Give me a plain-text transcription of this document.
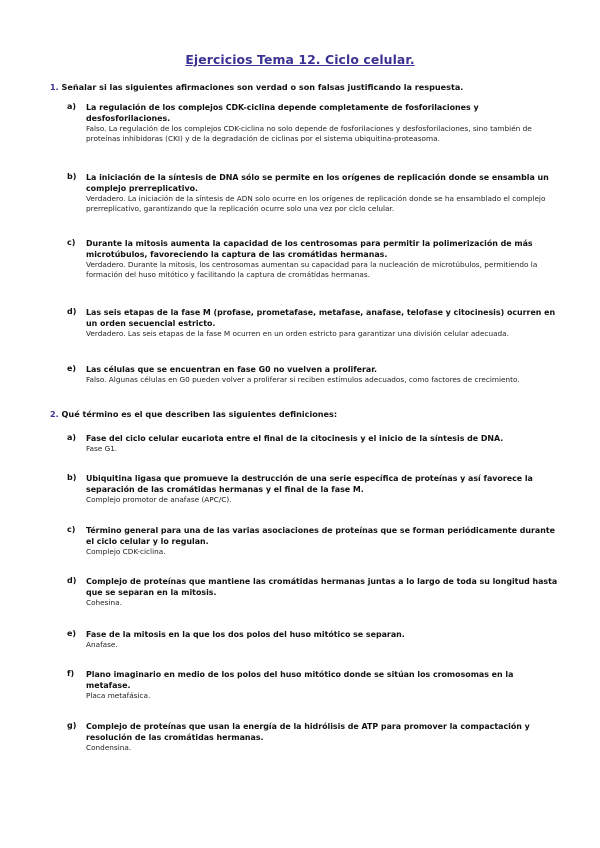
Ejercicios Tema 12. Ciclo celular.
1. Señalar si las siguientes afirmaciones son verdad o son falsas justificando la respuesta.
a) La regulación de los complejos CDK-ciclina depende completamente de fosforilaciones y desfosforilaciones.
Falso. La regulación de los complejos CDK-ciclina no solo depende de fosforilaciones y desfosforilaciones, sino también de proteínas inhibidoras (CKI) y de la degradación de ciclinas por el sistema ubiquitina-proteasoma.
b) La iniciación de la síntesis de DNA sólo se permite en los orígenes de replicación donde se ensambla un complejo prerreplicativo.
Verdadero. La iniciación de la síntesis de ADN solo ocurre en los orígenes de replicación donde se ha ensamblado el complejo prerreplicativo, garantizando que la replicación ocurre solo una vez por ciclo celular.
c) Durante la mitosis aumenta la capacidad de los centrosomas para permitir la polimerización de más microtúbulos, favoreciendo la captura de las cromátidas hermanas.
Verdadero. Durante la mitosis, los centrosomas aumentan su capacidad para la nucleación de microtúbulos, permitiendo la formación del huso mitótico y facilitando la captura de cromátidas hermanas.
d) Las seis etapas de la fase M (profase, prometafase, metafase, anafase, telofase y citocinesis) ocurren en un orden secuencial estricto.
Verdadero. Las seis etapas de la fase M ocurren en un orden estricto para garantizar una división celular adecuada.
e) Las células que se encuentran en fase G0 no vuelven a proliferar.
Falso. Algunas células en G0 pueden volver a proliferar si reciben estímulos adecuados, como factores de crecimiento.
2. Qué término es el que describen las siguientes definiciones:
a) Fase del ciclo celular eucariota entre el final de la citocinesis y el inicio de la síntesis de DNA.
Fase G1.
b) Ubiquitina ligasa que promueve la destrucción de una serie específica de proteínas y así favorece la separación de las cromátidas hermanas y el final de la fase M.
Complejo promotor de anafase (APC/C).
c) Término general para una de las varias asociaciones de proteínas que se forman periódicamente durante el ciclo celular y lo regulan.
Complejo CDK-ciclina.
d) Complejo de proteínas que mantiene las cromátidas hermanas juntas a lo largo de toda su longitud hasta que se separan en la mitosis.
Cohesina.
e) Fase de la mitosis en la que los dos polos del huso mitótico se separan.
Anafase.
f) Plano imaginario en medio de los polos del huso mitótico donde se sitúan los cromosomas en la metafase.
Placa metafásica.
g) Complejo de proteínas que usan la energía de la hidrólisis de ATP para promover la compactación y resolución de las cromátidas hermanas.
Condensina.
